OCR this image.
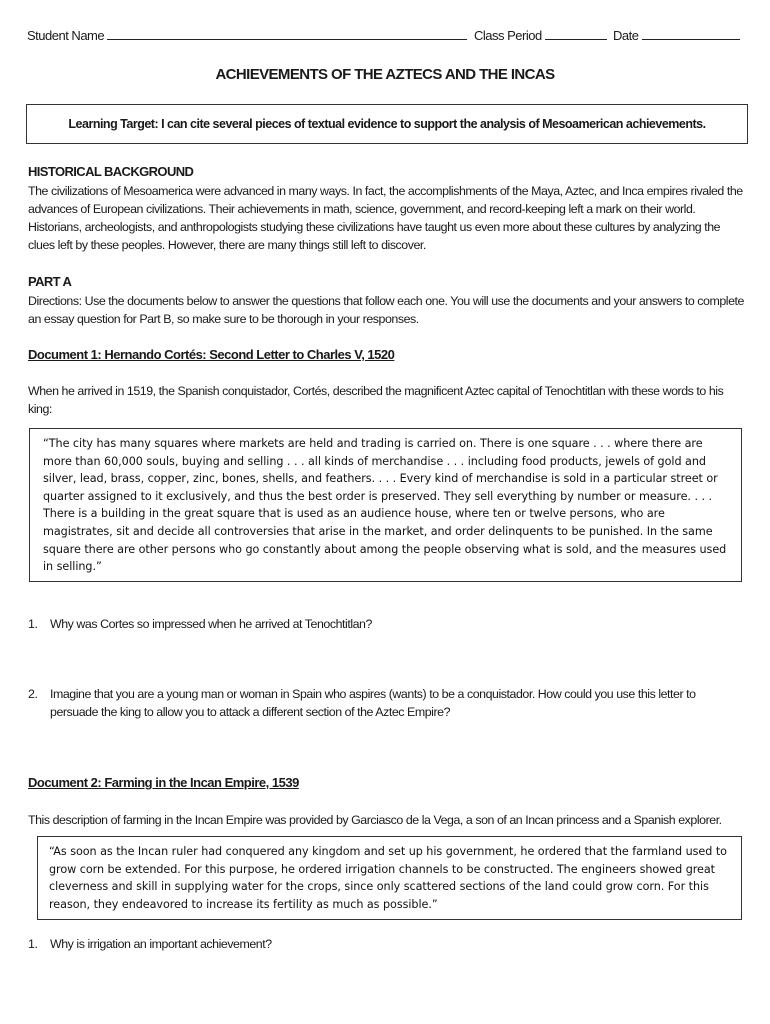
Student Name	Class Period	Date
ACHIEVEMENTS OF THE AZTECS AND THE INCAS
Learning Target: I can cite several pieces of textual evidence to support the analysis of Mesoamerican achievements.
HISTORICAL BACKGROUND
The civilizations of Mesoamerica were advanced in many ways. In fact, the accomplishments of the Maya, Aztec, and Inca empires rivaled the advances of European civilizations. Their achievements in math, science, government, and record-keeping left a mark on their world. Historians, archeologists, and anthropologists studying these civilizations have taught us even more about these cultures by analyzing the clues left by these peoples. However, there are many things still left to discover.
PART A
Directions: Use the documents below to answer the questions that follow each one. You will use the documents and your answers to complete an essay question for Part B, so make sure to be thorough in your responses.
Document 1: Hernando Cortés: Second Letter to Charles V, 1520
When he arrived in 1519, the Spanish conquistador, Cortés, described the magnificent Aztec capital of Tenochtitlan with these words to his king:
“The city has many squares where markets are held and trading is carried on. There is one square . . . where there are more than 60,000 souls, buying and selling . . . all kinds of merchandise . . . including food products, jewels of gold and silver, lead, brass, copper, zinc, bones, shells, and feathers. . . . Every kind of merchandise is sold in a particular street or quarter assigned to it exclusively, and thus the best order is preserved. They sell everything by number or measure. . . . There is a building in the great square that is used as an audience house, where ten or twelve persons, who are magistrates, sit and decide all controversies that arise in the market, and order delinquents to be punished. In the same square there are other persons who go constantly about among the people observing what is sold, and the measures used in selling.”
1. Why was Cortes so impressed when he arrived at Tenochtitlan?
2. Imagine that you are a young man or woman in Spain who aspires (wants) to be a conquistador. How could you use this letter to persuade the king to allow you to attack a different section of the Aztec Empire?
Document 2: Farming in the Incan Empire, 1539
This description of farming in the Incan Empire was provided by Garciasco de la Vega, a son of an Incan princess and a Spanish explorer.
“As soon as the Incan ruler had conquered any kingdom and set up his government, he ordered that the farmland used to grow corn be extended. For this purpose, he ordered irrigation channels to be constructed. The engineers showed great cleverness and skill in supplying water for the crops, since only scattered sections of the land could grow corn. For this reason, they endeavored to increase its fertility as much as possible.”
1. Why is irrigation an important achievement?
